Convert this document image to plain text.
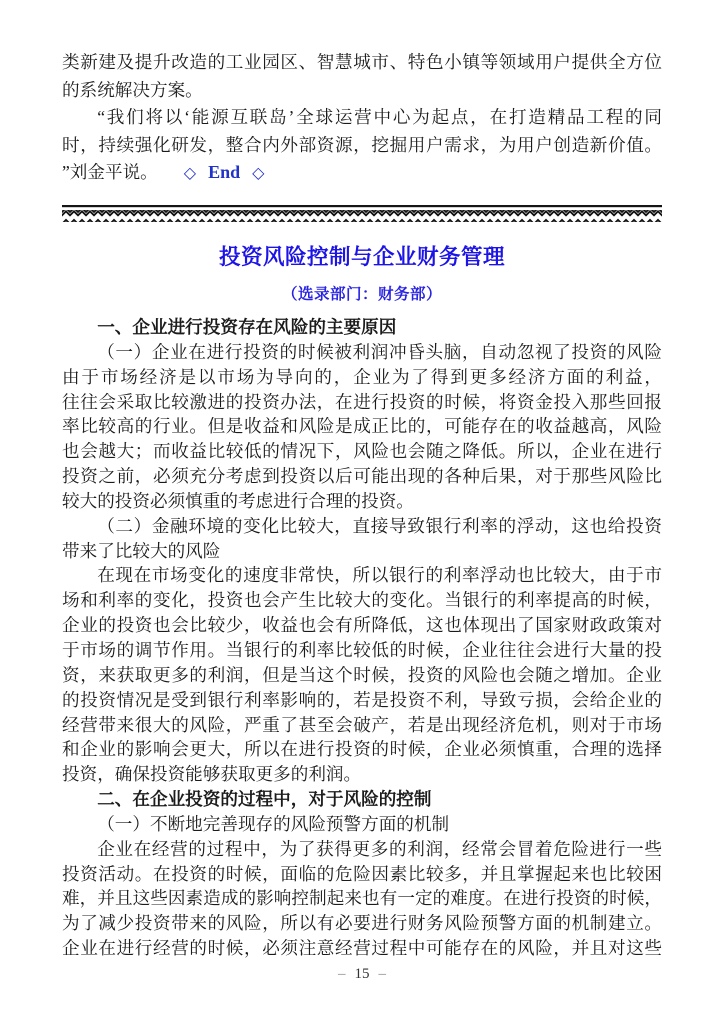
类新建及提升改造的工业园区、智慧城市、特色小镇等领域用户提供全方位
的系统解决方案。
“我们将以‘能源互联岛’全球运营中心为起点，在打造精品工程的同
时，持续强化研发，整合内外部资源，挖掘用户需求，为用户创造新价值。
”刘金平说。 ◇ End ◇
投资风险控制与企业财务管理
（选录部门：财务部）
一、企业进行投资存在风险的主要原因
（一）企业在进行投资的时候被利润冲昏头脑，自动忽视了投资的风险
由于市场经济是以市场为导向的，企业为了得到更多经济方面的利益，
往往会采取比较激进的投资办法，在进行投资的时候，将资金投入那些回报
率比较高的行业。但是收益和风险是成正比的，可能存在的收益越高，风险
也会越大；而收益比较低的情况下，风险也会随之降低。所以，企业在进行
投资之前，必须充分考虑到投资以后可能出现的各种后果，对于那些风险比
较大的投资必须慎重的考虑进行合理的投资。
（二）金融环境的变化比较大，直接导致银行利率的浮动，这也给投资
带来了比较大的风险
在现在市场变化的速度非常快，所以银行的利率浮动也比较大，由于市
场和利率的变化，投资也会产生比较大的变化。当银行的利率提高的时候，
企业的投资也会比较少，收益也会有所降低，这也体现出了国家财政政策对
于市场的调节作用。当银行的利率比较低的时候，企业往往会进行大量的投
资，来获取更多的利润，但是当这个时候，投资的风险也会随之增加。企业
的投资情况是受到银行利率影响的，若是投资不利，导致亏损，会给企业的
经营带来很大的风险，严重了甚至会破产，若是出现经济危机，则对于市场
和企业的影响会更大，所以在进行投资的时候，企业必须慎重，合理的选择
投资，确保投资能够获取更多的利润。
二、在企业投资的过程中，对于风险的控制
（一）不断地完善现存的风险预警方面的机制
企业在经营的过程中，为了获得更多的利润，经常会冒着危险进行一些
投资活动。在投资的时候，面临的危险因素比较多，并且掌握起来也比较困
难，并且这些因素造成的影响控制起来也有一定的难度。在进行投资的时候，
为了减少投资带来的风险，所以有必要进行财务风险预警方面的机制建立。
企业在进行经营的时候，必须注意经营过程中可能存在的风险，并且对这些
– 15 –
